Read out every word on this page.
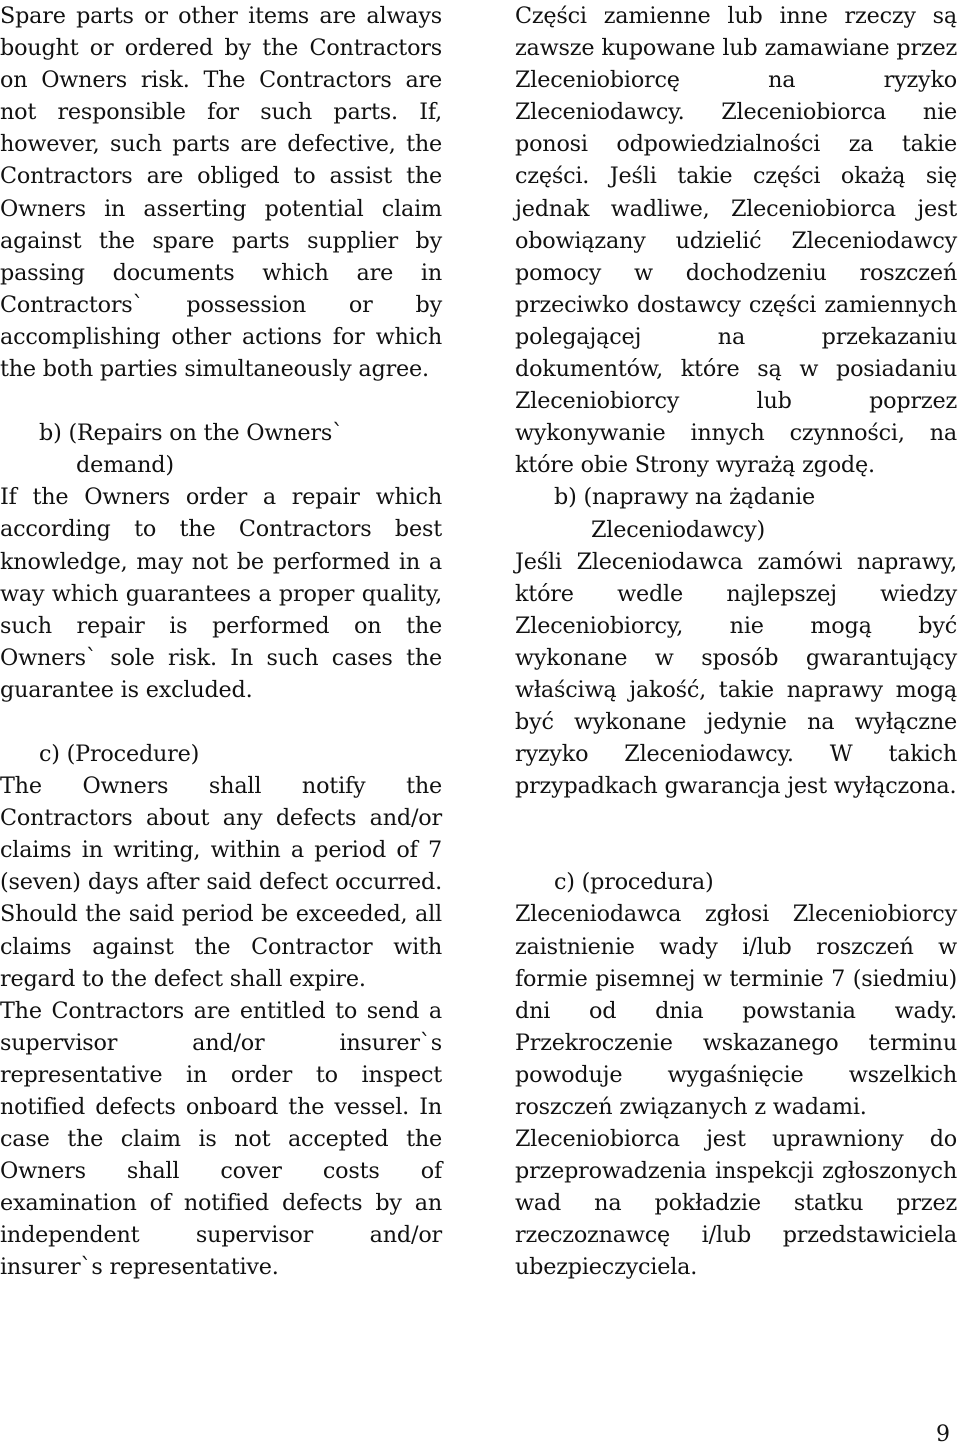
Spare parts or other items are always bought or ordered by the Contractors on Owners risk. The Contractors are not responsible for such parts. If, however, such parts are defective, the Contractors are obliged to assist the Owners in asserting potential claim against the spare parts supplier by passing documents which are in Contractors` possession or by accomplishing other actions for which the both parties simultaneously agree.

b) (Repairs on the Owners` demand)

If the Owners order a repair which according to the Contractors best knowledge, may not be performed in a way which guarantees a proper quality, such repair is performed on the Owners` sole risk. In such cases the guarantee is excluded.

c) (Procedure)

The Owners shall notify the Contractors about any defects and/or claims in writing, within a period of 7 (seven) days after said defect occurred. Should the said period be exceeded, all claims against the Contractor with regard to the defect shall expire.

The Contractors are entitled to send a supervisor and/or insurer`s representative in order to inspect notified defects onboard the vessel. In case the claim is not accepted the Owners shall cover costs of examination of notified defects by an independent supervisor and/or insurer`s representative.

Części zamienne lub inne rzeczy są zawsze kupowane lub zamawiane przez Zleceniobiorcę na ryzyko Zleceniodawcy. Zleceniobiorca nie ponosi odpowiedzialności za takie części. Jeśli takie części okażą się jednak wadliwe, Zleceniobiorca jest obowiązany udzielić Zleceniodawcy pomocy w dochodzeniu roszczeń przeciwko dostawcy części zamiennych polegającej na przekazaniu dokumentów, które są w posiadaniu Zleceniobiorcy lub poprzez wykonywanie innych czynności, na które obie Strony wyrażą zgodę.

b) (naprawy na żądanie Zleceniodawcy)

Jeśli Zleceniodawca zamówi naprawy, które wedle najlepszej wiedzy Zleceniobiorcy, nie mogą być wykonane w sposób gwarantujący właściwą jakość, takie naprawy mogą być wykonane jedynie na wyłączne ryzyko Zleceniodawcy. W takich przypadkach gwarancja jest wyłączona.

c) (procedura)

Zleceniodawca zgłosi Zleceniobiorcy zaistnienie wady i/lub roszczeń w formie pisemnej w terminie 7 (siedmiu) dni od dnia powstania wady. Przekroczenie wskazanego terminu powoduje wygaśnięcie wszelkich roszczeń związanych z wadami.

Zleceniobiorca jest uprawniony do przeprowadzenia inspekcji zgłoszonych wad na pokładzie statku przez rzeczoznawcę i/lub przedstawiciela ubezpieczyciela.

9
